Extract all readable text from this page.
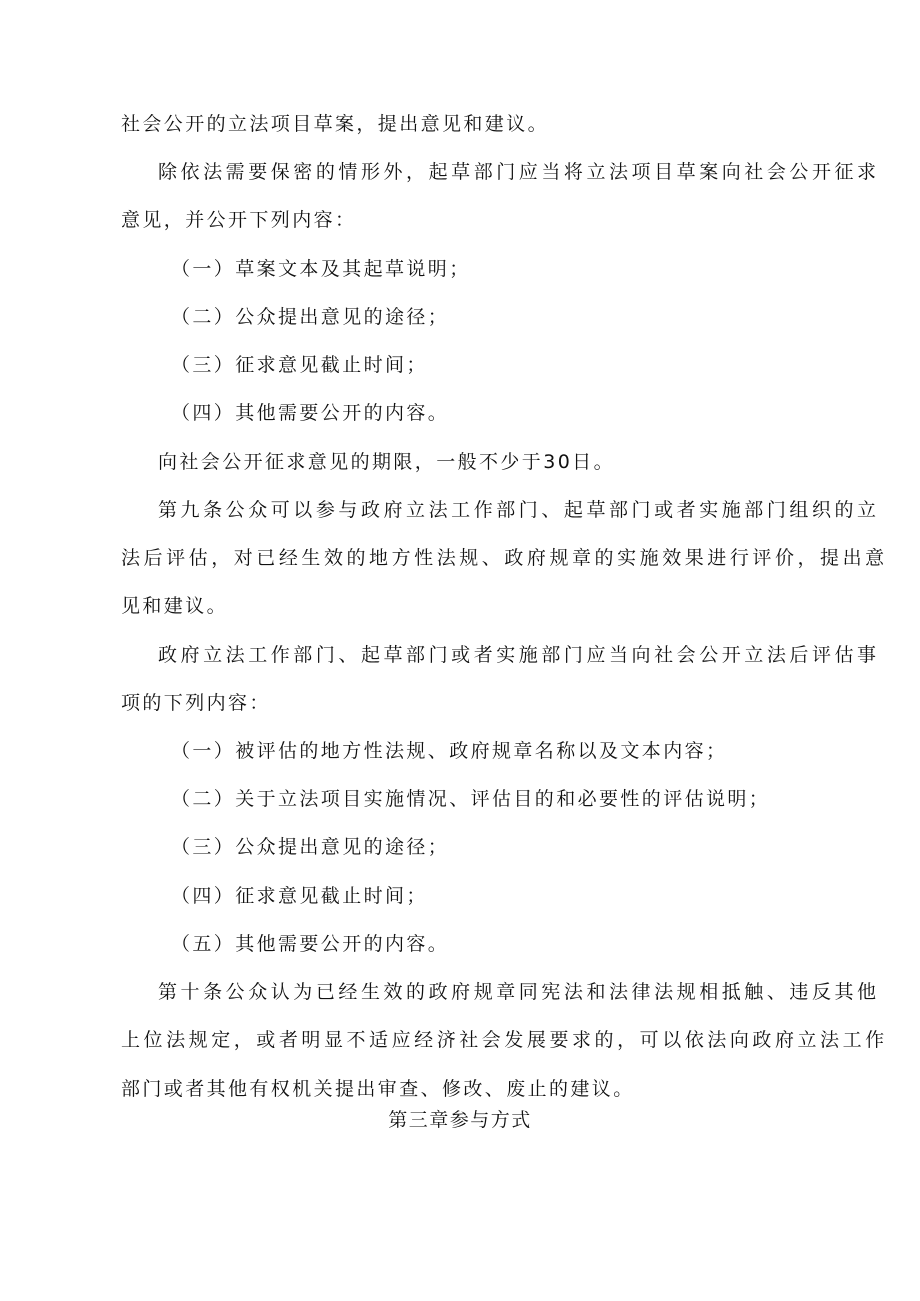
社会公开的立法项目草案，提出意见和建议。
除依法需要保密的情形外，起草部门应当将立法项目草案向社会公开征求
意见，并公开下列内容：
（一）草案文本及其起草说明；
（二）公众提出意见的途径；
（三）征求意见截止时间；
（四）其他需要公开的内容。
向社会公开征求意见的期限，一般不少于30日。
第九条公众可以参与政府立法工作部门、起草部门或者实施部门组织的立
法后评估，对已经生效的地方性法规、政府规章的实施效果进行评价，提出意
见和建议。
政府立法工作部门、起草部门或者实施部门应当向社会公开立法后评估事
项的下列内容：
（一）被评估的地方性法规、政府规章名称以及文本内容；
（二）关于立法项目实施情况、评估目的和必要性的评估说明；
（三）公众提出意见的途径；
（四）征求意见截止时间；
（五）其他需要公开的内容。
第十条公众认为已经生效的政府规章同宪法和法律法规相抵触、违反其他
上位法规定，或者明显不适应经济社会发展要求的，可以依法向政府立法工作
部门或者其他有权机关提出审查、修改、废止的建议。
第三章参与方式
